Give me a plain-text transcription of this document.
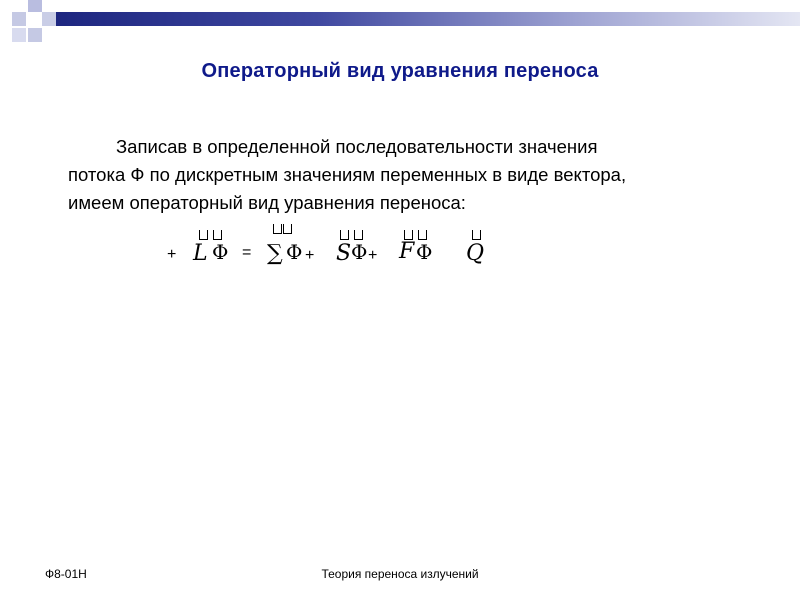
Операторный вид уравнения переноса
Записав в определенной последовательности значения
потока Ф по дискретным значениям переменных в виде вектора,
имеем операторный вид уравнения переноса:
+ L Φ = ∑ Φ + S Φ + F Φ Q
Ф8-01Н	Теория переноса излучений
